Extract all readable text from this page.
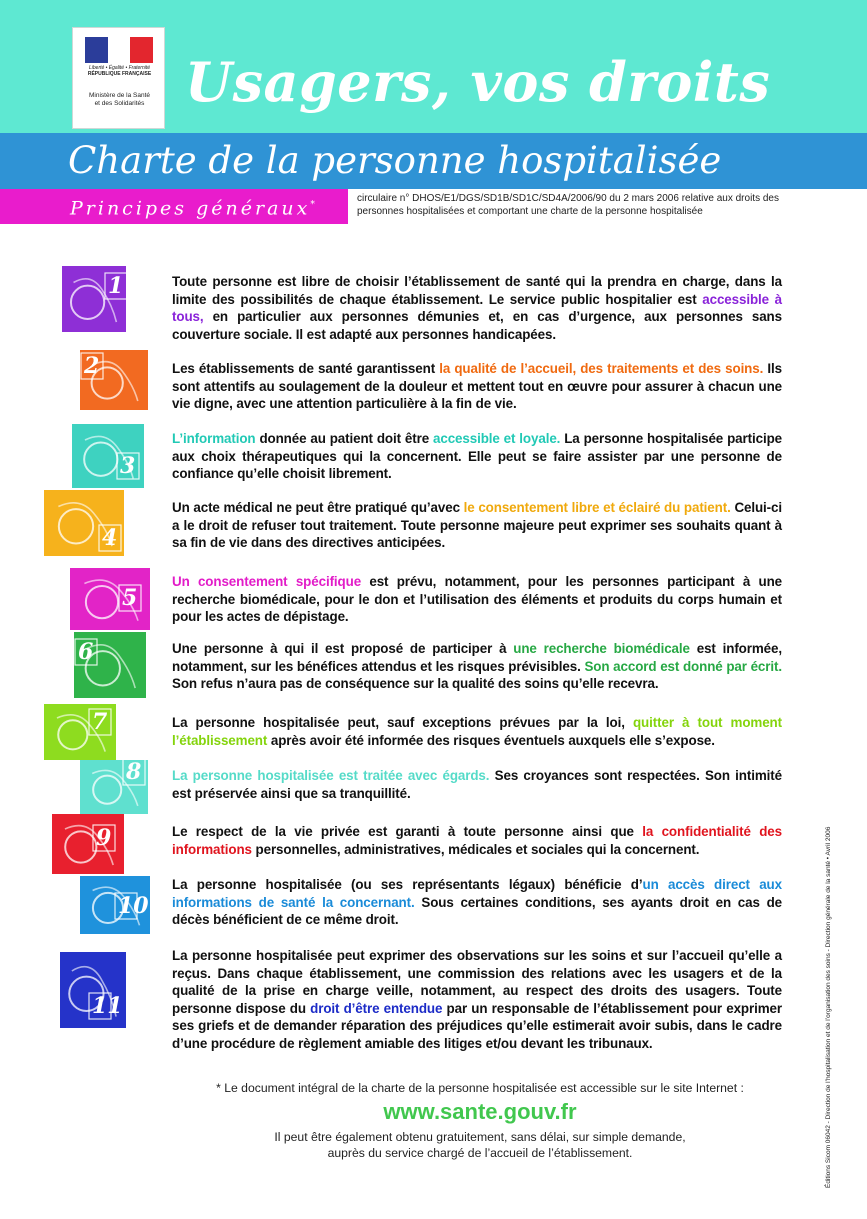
Liberté • Égalité • Fraternité
RÉPUBLIQUE FRANÇAISE
Ministère de la Santé
et des Solidarités Usagers, vos droits
Charte de la personne hospitalisée
Principes généraux*
circulaire n° DHOS/E1/DGS/SD1B/SD1C/SD4A/2006/90 du 2 mars 2006 relative aux droits des personnes hospitalisées et comportant une charte de la personne hospitalisée
1	Toute personne est libre de choisir l’établissement de santé qui la prendra en charge, dans la limite des possibilités de chaque établissement. Le service public hospitalier est accessible à tous, en particulier aux personnes démunies et, en cas d’urgence, aux personnes sans couverture sociale. Il est adapté aux personnes handicapées.
2	Les établissements de santé garantissent la qualité de l’accueil, des traitements et des soins. Ils sont attentifs au soulagement de la douleur et mettent tout en œuvre pour assurer à chacun une vie digne, avec une attention particulière à la fin de vie.
3
L’information donnée au patient doit être accessible et loyale. La personne hospitalisée participe aux choix thérapeutiques qui la concernent. Elle peut se faire assister par une personne de confiance qu’elle choisit librement.
4
Un acte médical ne peut être pratiqué qu’avec le consentement libre et éclairé du patient. Celui-ci a le droit de refuser tout traitement. Toute personne majeure peut exprimer ses souhaits quant à sa fin de vie dans des directives anticipées.
5
Un consentement spécifique est prévu, notamment, pour les personnes participant à une recherche biomédicale, pour le don et l’utilisation des éléments et produits du corps humain et pour les actes de dépistage.
6	Une personne à qui il est proposé de participer à une recherche biomédicale est informée, notamment, sur les bénéfices attendus et les risques prévisibles. Son accord est donné par écrit. Son refus n’aura pas de conséquence sur la qualité des soins qu’elle recevra.
7	La personne hospitalisée peut, sauf exceptions prévues par la loi, quitter à tout moment l’établissement après avoir été informée des risques éventuels auxquels elle s’expose.
8 La personne hospitalisée est traitée avec égards. Ses croyances sont respectées. Son intimité est préservée ainsi que sa tranquillité.
9	Le respect de la vie privée est garanti à toute personne ainsi que la confidentialité des informations personnelles, administratives, médicales et sociales qui la concernent.
10
La personne hospitalisée (ou ses représentants légaux) bénéficie d’un accès direct aux informations de santé la concernant. Sous certaines conditions, ses ayants droit en cas de décès bénéficient de ce même droit.
11
La personne hospitalisée peut exprimer des observations sur les soins et sur l’accueil qu’elle a reçus. Dans chaque établissement, une commission des relations avec les usagers et de la qualité de la prise en charge veille, notamment, au respect des droits des usagers. Toute personne dispose du droit d’être entendue par un responsable de l’établissement pour exprimer ses griefs et de demander réparation des préjudices qu’elle estimerait avoir subis, dans le cadre d’une procédure de règlement amiable des litiges et/ou devant les tribunaux.
* Le document intégral de la charte de la personne hospitalisée est accessible sur le site Internet :
www.sante.gouv.fr
Il peut être également obtenu gratuitement, sans délai, sur simple demande,
auprès du service chargé de l’accueil de l’établissement.	Éditions Sicom 06042 - Direction de l’hospitalisation et de l’organisation des soins - Direction générale de la santé • Avril 2006
